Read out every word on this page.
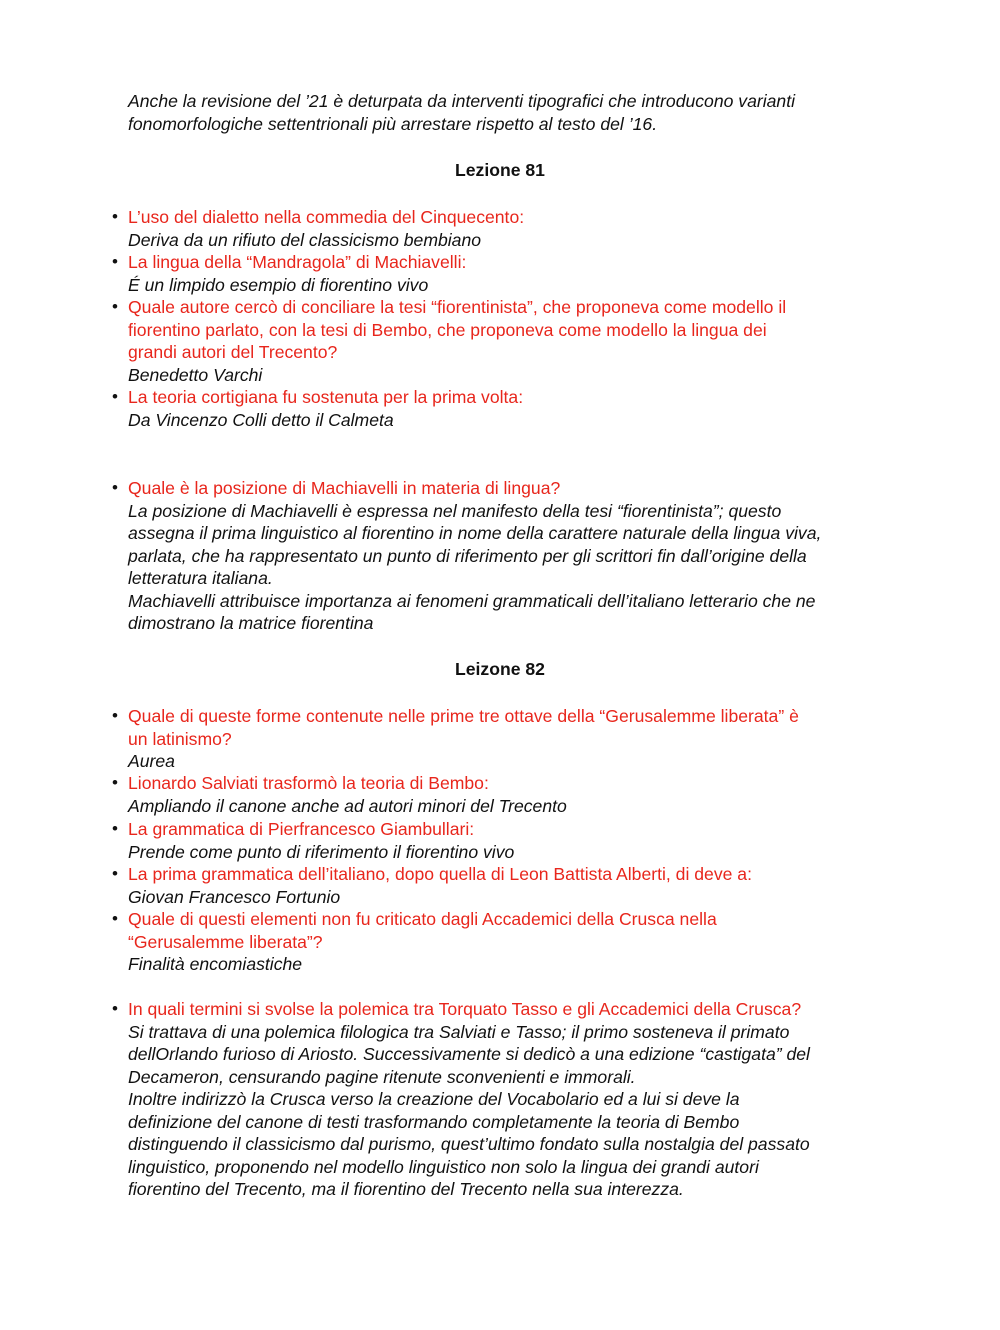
Anche la revisione del ’21 è deturpata da interventi tipografici che introducono varianti
fonomorfologiche settentrionali più arrestare rispetto al testo del ’16.

Lezione 81
• L’uso del dialetto nella commedia del Cinquecento:
Deriva da un rifiuto del classicismo bembiano
• La lingua della “Mandragola” di Machiavelli:
É un limpido esempio di fiorentino vivo
• Quale autore cercò di conciliare la tesi “fiorentinista”, che proponeva come modello il
fiorentino parlato, con la tesi di Bembo, che proponeva come modello la lingua dei
grandi autori del Trecento?
Benedetto Varchi
• La teoria cortigiana fu sostenuta per la prima volta:
Da Vincenzo Colli detto il Calmeta
• Quale è la posizione di Machiavelli in materia di lingua?
La posizione di Machiavelli è espressa nel manifesto della tesi “fiorentinista”; questo
assegna il prima linguistico al fiorentino in nome della carattere naturale della lingua viva,
parlata, che ha rappresentato un punto di riferimento per gli scrittori fin dall’origine della
letteratura italiana.
Machiavelli attribuisce importanza ai fenomeni grammaticali dell’italiano letterario che ne
dimostrano la matrice fiorentina
Leizone 82
• Quale di queste forme contenute nelle prime tre ottave della “Gerusalemme liberata” è
un latinismo?
Aurea
• Lionardo Salviati trasformò la teoria di Bembo:
Ampliando il canone anche ad autori minori del Trecento
• La grammatica di Pierfrancesco Giambullari:
Prende come punto di riferimento il fiorentino vivo
• La prima grammatica dell’italiano, dopo quella di Leon Battista Alberti, di deve a:
Giovan Francesco Fortunio
• Quale di questi elementi non fu criticato dagli Accademici della Crusca nella
“Gerusalemme liberata”?
Finalità encomiastiche
• In quali termini si svolse la polemica tra Torquato Tasso e gli Accademici della Crusca?
Si trattava di una polemica filologica tra Salviati e Tasso; il primo sosteneva il primato
dellOrlando furioso di Ariosto. Successivamente si dedicò a una edizione “castigata” del
Decameron, censurando pagine ritenute sconvenienti e immorali.
Inoltre indirizzò la Crusca verso la creazione del Vocabolario ed a lui si deve la
definizione del canone di testi trasformando completamente la teoria di Bembo
distinguendo il classicismo dal purismo, quest’ultimo fondato sulla nostalgia del passato
linguistico, proponendo nel modello linguistico non solo la lingua dei grandi autori
fiorentino del Trecento, ma il fiorentino del Trecento nella sua interezza.
